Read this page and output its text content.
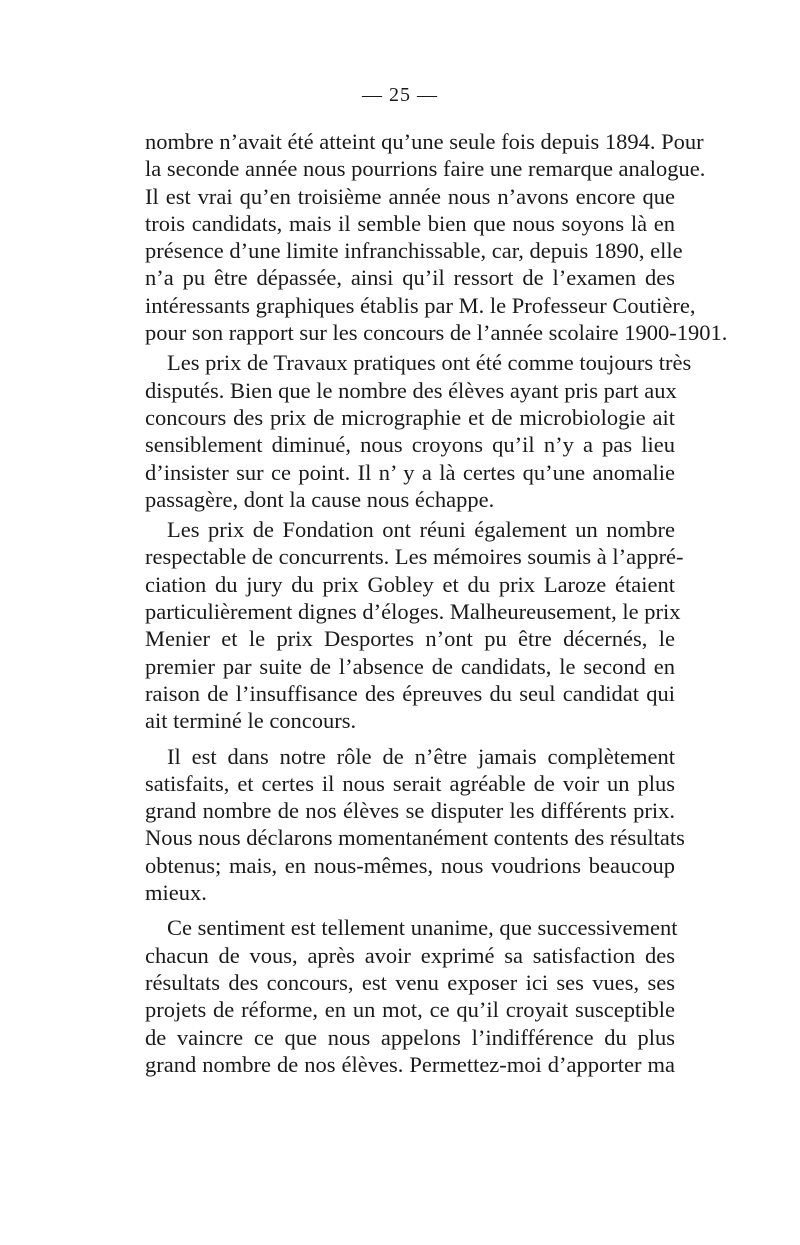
— 25 —
nombre n’avait été atteint qu’une seule fois depuis 1894. Pour
la seconde année nous pourrions faire une remarque analogue.
Il est vrai qu’en troisième année nous n’avons encore que
trois candidats, mais il semble bien que nous soyons là en
présence d’une limite infranchissable, car, depuis 1890, elle
n’a pu être dépassée, ainsi qu’il ressort de l’examen des
intéressants graphiques établis par M. le Professeur Coutière,
pour son rapport sur les concours de l’année scolaire 1900-1901.
Les prix de Travaux pratiques ont été comme toujours très
disputés. Bien que le nombre des élèves ayant pris part aux
concours des prix de micrographie et de microbiologie ait
sensiblement diminué, nous croyons qu’il n’y a pas lieu
d’insister sur ce point. Il n’ y a là certes qu’une anomalie
passagère, dont la cause nous échappe.
Les prix de Fondation ont réuni également un nombre
respectable de concurrents. Les mémoires soumis à l’appré-
ciation du jury du prix Gobley et du prix Laroze étaient
particulièrement dignes d’éloges. Malheureusement, le prix
Menier et le prix Desportes n’ont pu être décernés, le
premier par suite de l’absence de candidats, le second en
raison de l’insuffisance des épreuves du seul candidat qui
ait terminé le concours.
Il est dans notre rôle de n’être jamais complètement
satisfaits, et certes il nous serait agréable de voir un plus
grand nombre de nos élèves se disputer les différents prix.
Nous nous déclarons momentanément contents des résultats
obtenus; mais, en nous-mêmes, nous voudrions beaucoup
mieux.
Ce sentiment est tellement unanime, que successivement
chacun de vous, après avoir exprimé sa satisfaction des
résultats des concours, est venu exposer ici ses vues, ses
projets de réforme, en un mot, ce qu’il croyait susceptible
de vaincre ce que nous appelons l’indifférence du plus
grand nombre de nos élèves. Permettez-moi d’apporter ma
